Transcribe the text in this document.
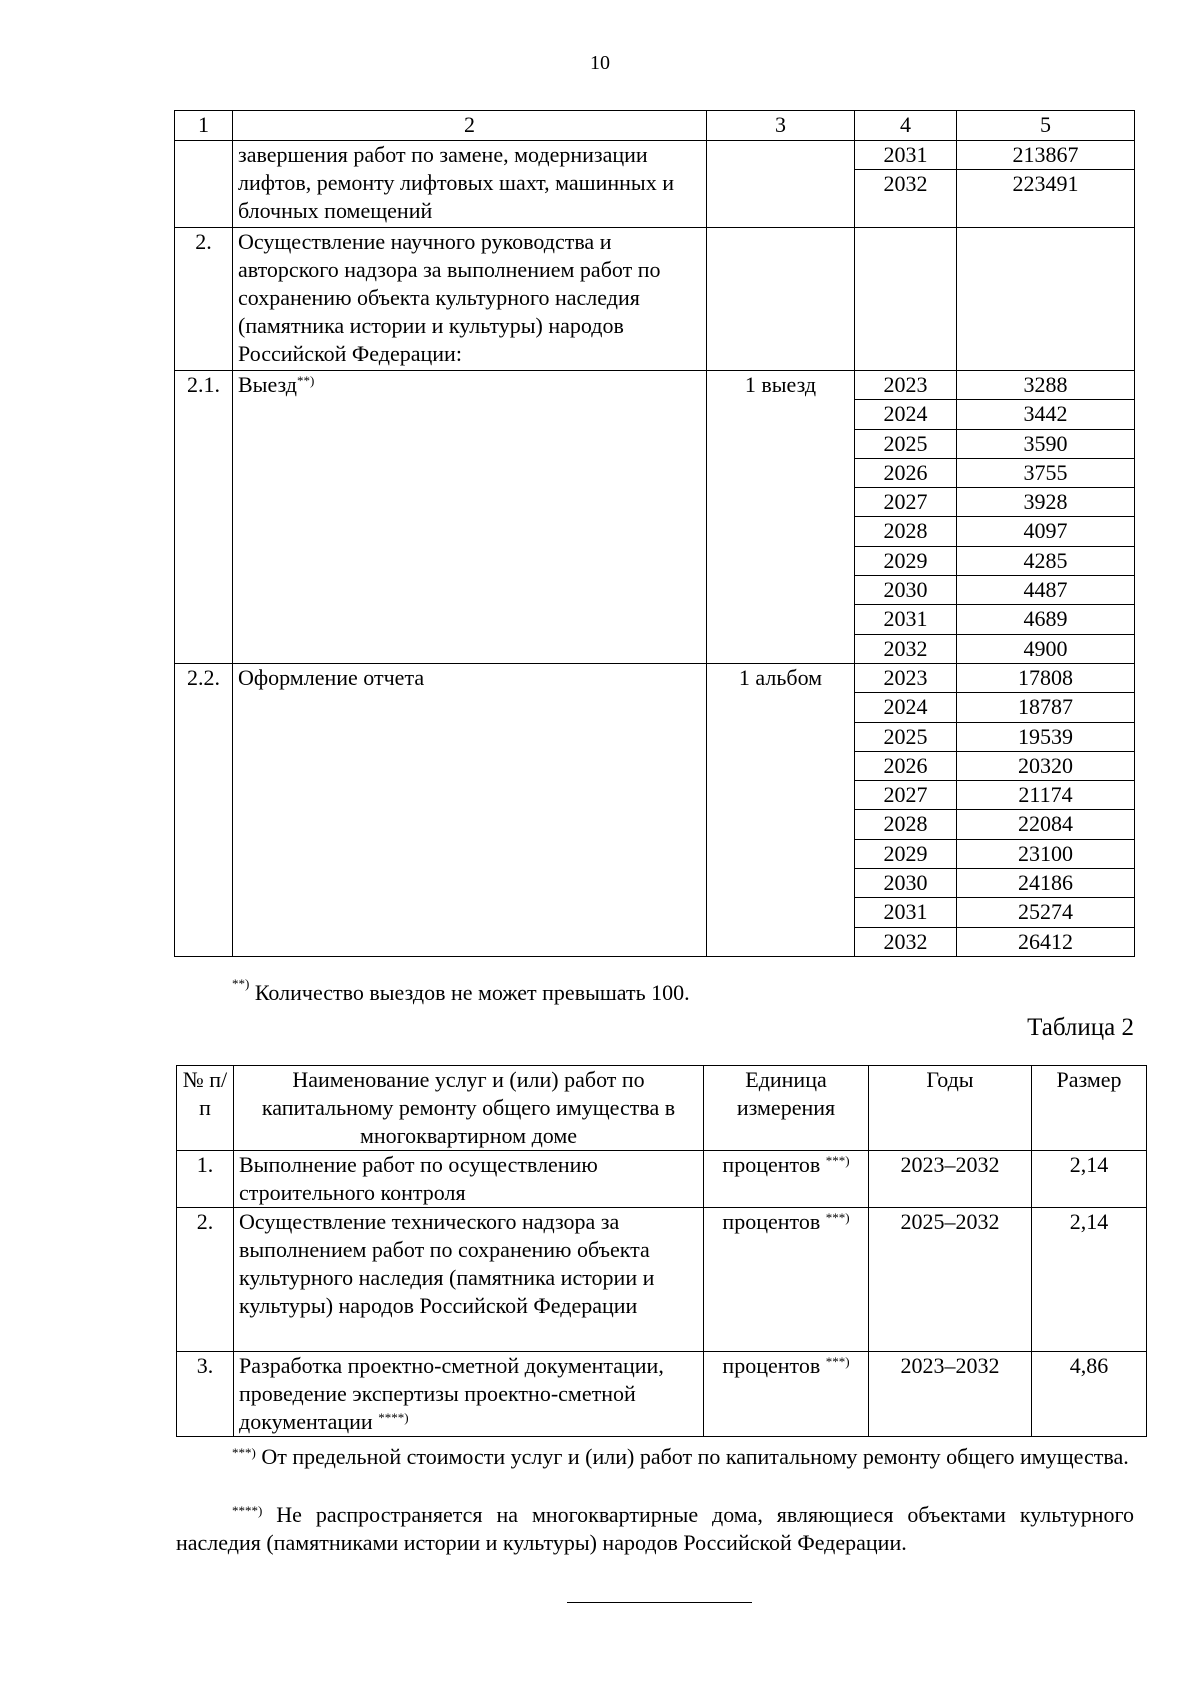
10
1	2	3	4	5
	завершения работ по замене, модернизации лифтов, ремонту лифтовых шахт, машинных и блочных помещений		2031	213867
			2032	223491
2.	Осуществление научного руководства и авторского надзора за выполнением работ по сохранению объекта культурного наследия (памятника истории и культуры) народов Российской Федерации:			
2.1.	Выезд**)	1 выезд	2023	3288
			2024	3442
			2025	3590
			2026	3755
			2027	3928
			2028	4097
			2029	4285
			2030	4487
			2031	4689
			2032	4900
2.2.	Оформление отчета	1 альбом	2023	17808
			2024	18787
			2025	19539
			2026	20320
			2027	21174
			2028	22084
			2029	23100
			2030	24186
			2031	25274
			2032	26412
**) Количество выездов не может превышать 100.
Таблица 2
№ п/п	Наименование услуг и (или) работ по капитальному ремонту общего имущества в многоквартирном доме	Единица измерения	Годы	Размер
1.	Выполнение работ по осуществлению строительного контроля	процентов ***)	2023–2032	2,14
2.	Осуществление технического надзора за выполнением работ по сохранению объекта культурного наследия (памятника истории и культуры) народов Российской Федерации	процентов ***)	2025–2032	2,14
3.	Разработка проектно-сметной документации, проведение экспертизы проектно-сметной документации ****)	процентов ***)	2023–2032	4,86
***) От предельной стоимости услуг и (или) работ по капитальному ремонту общего имущества.
****) Не распространяется на многоквартирные дома, являющиеся объектами культурного наследия (памятниками истории и культуры) народов Российской Федерации.
